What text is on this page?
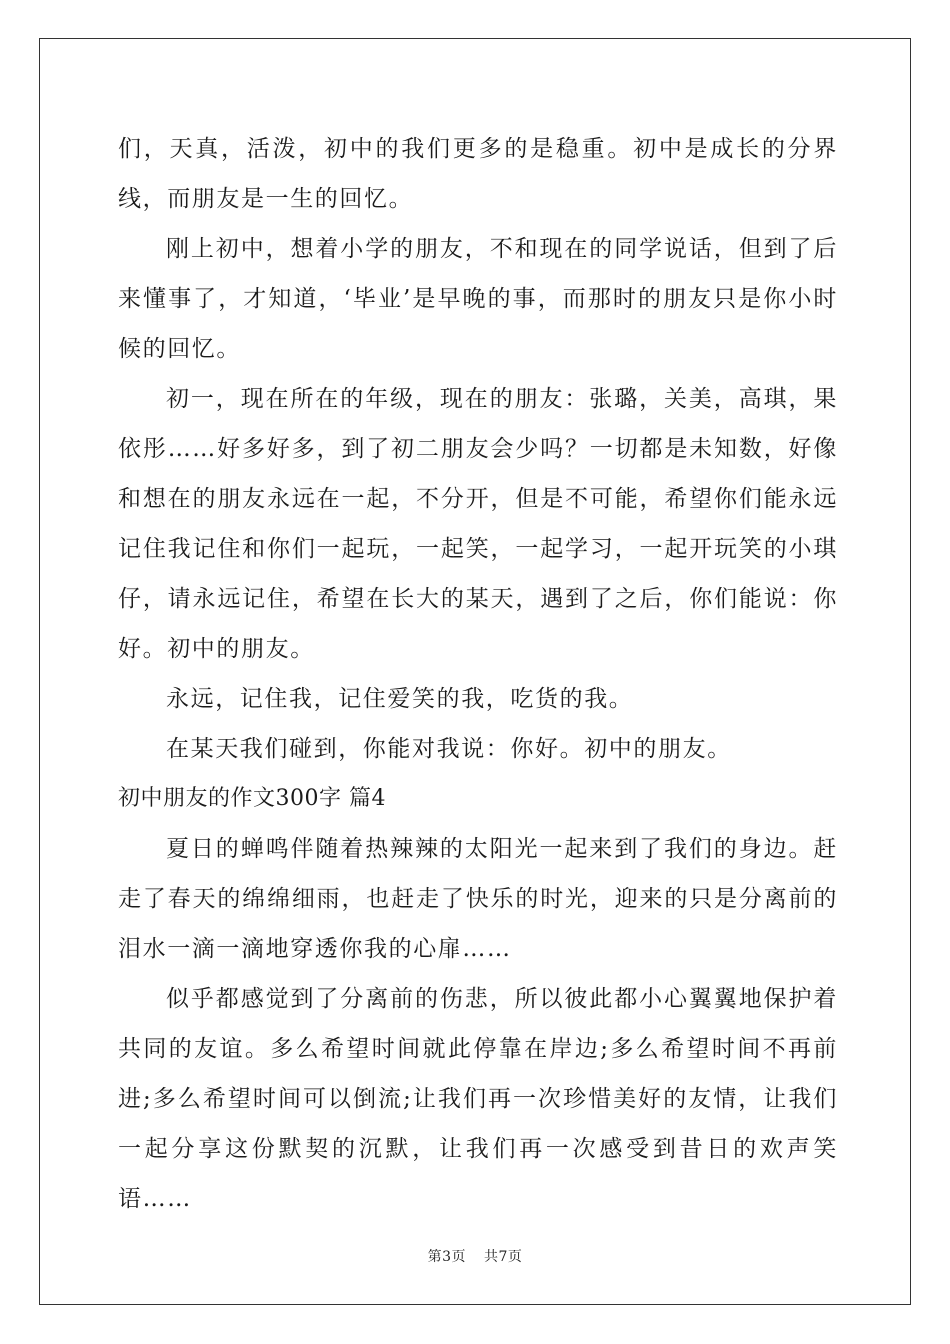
们，天真，活泼，初中的我们更多的是稳重。初中是成长的分界线，而朋友是一生的回忆。

刚上初中，想着小学的朋友，不和现在的同学说话，但到了后来懂事了，才知道，‘毕业’是早晚的事，而那时的朋友只是你小时候的回忆。

初一，现在所在的年级，现在的朋友：张璐，关美，高琪，果依彤……好多好多，到了初二朋友会少吗？一切都是未知数，好像和想在的朋友永远在一起，不分开，但是不可能，希望你们能永远记住我记住和你们一起玩，一起笑，一起学习，一起开玩笑的小琪仔，请永远记住，希望在长大的某天，遇到了之后，你们能说：你好。初中的朋友。

永远，记住我，记住爱笑的我，吃货的我。

在某天我们碰到，你能对我说：你好。初中的朋友。

初中朋友的作文300字 篇4

夏日的蝉鸣伴随着热辣辣的太阳光一起来到了我们的身边。赶走了春天的绵绵细雨，也赶走了快乐的时光，迎来的只是分离前的泪水一滴一滴地穿透你我的心扉……

似乎都感觉到了分离前的伤悲，所以彼此都小心翼翼地保护着共同的友谊。多么希望时间就此停靠在岸边;多么希望时间不再前进;多么希望时间可以倒流;让我们再一次珍惜美好的友情，让我们一起分享这份默契的沉默，让我们再一次感受到昔日的欢声笑语……

第3页 共7页
